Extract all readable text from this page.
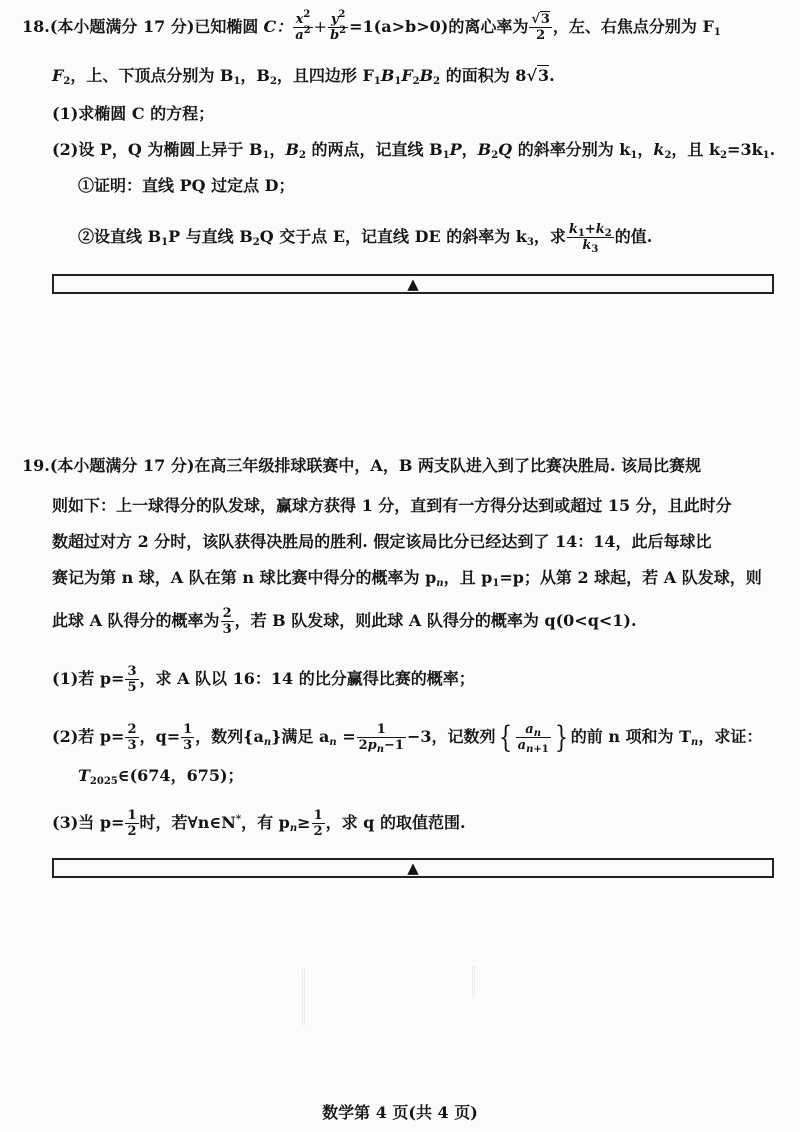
18.(本小题满分 17 分)已知椭圆 C： $\frac{x^2}{a^2} + \frac{y^2}{b^2} =1(a>b>0)$的离心率为 $\frac{√3}{2}$ ，左、右焦点分别为 $F_1$
$F_2$，上、下顶点分别为 $B_1$，$B_2$，且四边形 $F_1B_1F_2B_2$ 的面积为 8√3.
(1)求椭圆 C 的方程；
(2)设 P，Q 为椭圆上异于 $B_1$，$B_2$ 的两点，记直线 $B_1P$，$B_2Q$ 的斜率分别为 $k_1$，$k_2$，且 $k_2=3k_1$.
①证明：直线 PQ 过定点 D；
②设直线 $B_1P$ 与直线 $B_2Q$ 交于点 E，记直线 DE 的斜率为 $k_3$，求 $\frac{k_1+k_2}{k_3}$ 的值.
▲
19.(本小题满分 17 分)在高三年级排球联赛中，A，B 两支队进入到了比赛决胜局. 该局比赛规
则如下：上一球得分的队发球，赢球方获得 1 分，直到有一方得分达到或超过 15 分，且此时分
数超过对方 2 分时，该队获得决胜局的胜利. 假定该局比分已经达到了 14：14，此后每球比
赛记为第 n 球，A 队在第 n 球比赛中得分的概率为 $p_n$，且 $p_1=p$；从第 2 球起，若 A 队发球，则
此球 A 队得分的概率为 $\frac{2}{3}$ ，若 B 队发球，则此球 A 队得分的概率为 q(0<q<1).
(1)若 $p= \frac{3}{5}$ ，求 A 队以 16：14 的比分赢得比赛的概率；
(2)若 $p= \frac{2}{3}$ ，$q= \frac{1}{3}$ ，数列$\{a_n\}$满足 $a_n = \frac{1}{2p_n-1} -3$，记数列{ $\frac{a_n}{a_{n+1}}$ } 的前 n 项和为 $T_n$，求证：
$T_{2025}\in(674$，675)；
(3)当 $p= \frac{1}{2}$ 时，若∀n∈N*，有 $p_n\ge \frac{1}{2}$ ，求 q 的取值范围.
▲
数学第 4 页(共 4 页)
